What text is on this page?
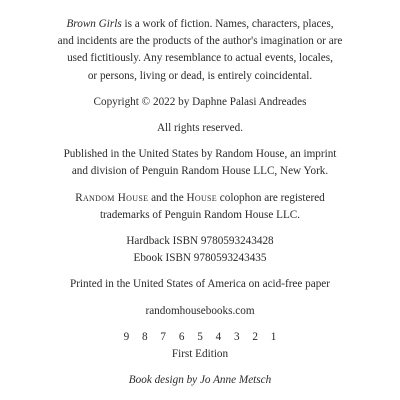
Brown Girls is a work of fiction. Names, characters, places,
and incidents are the products of the author's imagination or are
used fictitiously. Any resemblance to actual events, locales,
or persons, living or dead, is entirely coincidental.

Copyright © 2022 by Daphne Palasi Andreades

All rights reserved.

Published in the United States by Random House, an imprint
and division of Penguin Random House LLC, New York.

Random House and the House colophon are registered
trademarks of Penguin Random House LLC.

Hardback ISBN 9780593243428
Ebook ISBN 9780593243435

Printed in the United States of America on acid-free paper

randomhousebooks.com

9 8 7 6 5 4 3 2 1

First Edition

Book design by Jo Anne Metsch
